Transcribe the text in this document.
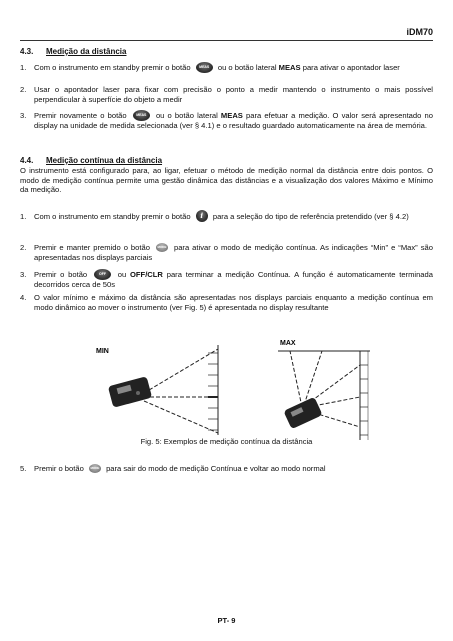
iDM70
4.3. Medição da distância
1. Com o instrumento em standby premir o botão MEAS ou o botão lateral MEAS para ativar o apontador laser
2. Usar o apontador laser para fixar com precisão o ponto a medir mantendo o instrumento o mais possível perpendicular à superfície do objeto a medir
3. Premir novamente o botão	MEAS ou o botão lateral MEAS para efetuar a medição. O valor será apresentado no display na unidade de medida selecionada (ver § 4.1) e o resultado guardado automaticamente na área de memória.
4.4. Medição contínua da distância
O instrumento está configurado para, ao ligar, efetuar o método de medição normal da distância entre dois pontos. O modo de medição contínua permite uma gestão dinâmica das distâncias e a visualização dos valores Máximo e Mínimo da medição.
1. Com o instrumento em standby premir o botão i para a seleção do tipo de referência pretendido (ver § 4.2)
2. Premir e manter premido o botão	MODE para ativar o modo de medição contínua. As indicações “Min” e “Max” são apresentadas nos displays parciais
3. Premir o botão	OFF ou OFF/CLR para terminar a medição Contínua. A função é automaticamente terminada decorridos cerca de 50s
4. O valor mínimo e máximo da distância são apresentadas nos displays parciais enquanto a medição contínua em modo dinâmico ao mover o instrumento (ver Fig. 5) é apresentada no display resultante
MIN
MAX
Fig. 5: Exemplos de medição contínua da distância
5. Premir o botão MODE para sair do modo de medição Contínua e voltar ao modo normal
PT- 9
